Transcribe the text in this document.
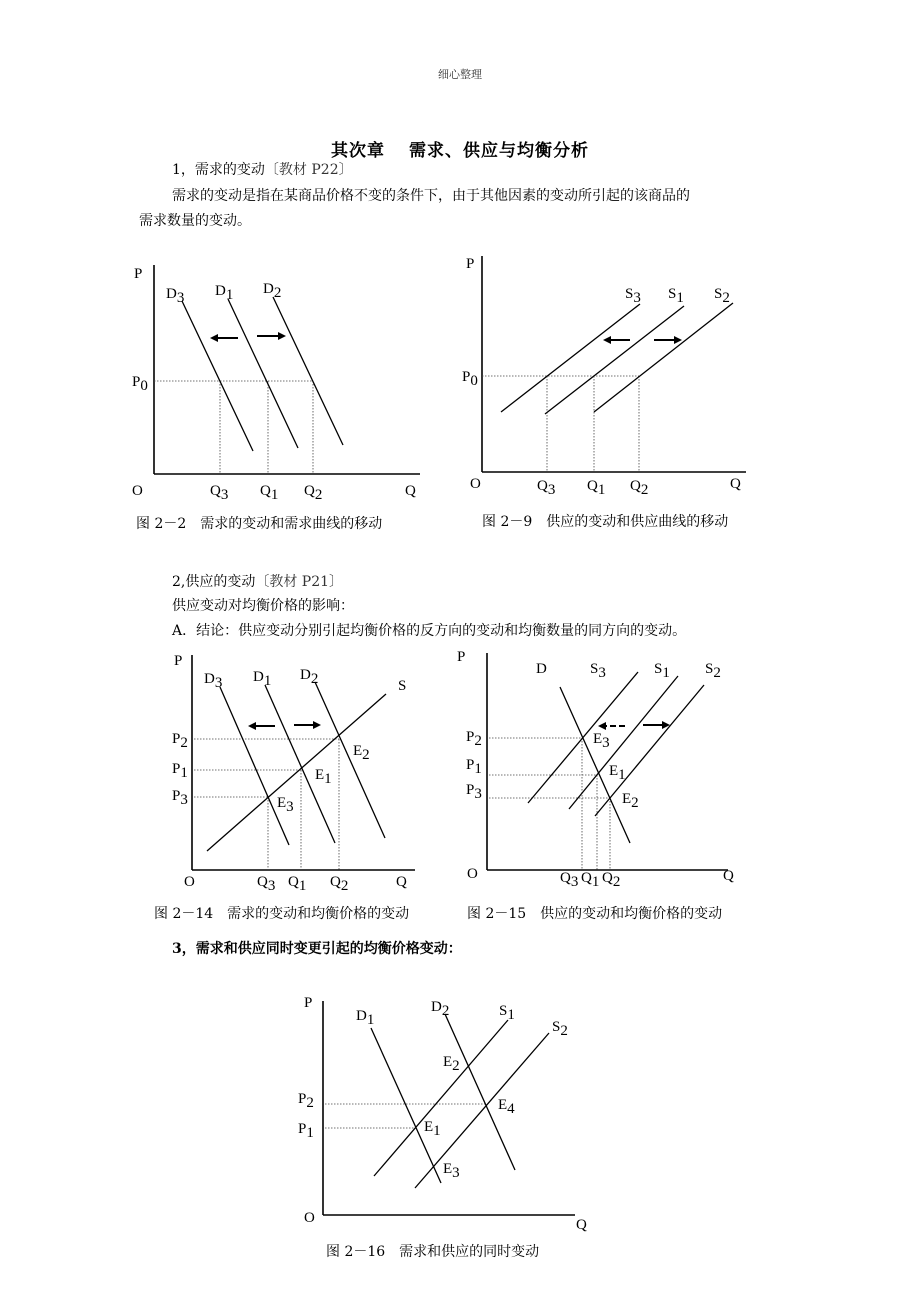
细心整理
其次章 需求、供应与均衡分析
1，需求的变动〔教材 P22〕
需求的变动是指在某商品价格不变的条件下，由于其他因素的变动所引起的该商品的
需求数量的变动。
P
D3 D1 D2
P0
O	Q3 Q1 Q2	Q
图 2－2　需求的变动和需求曲线的移动
P
S3 S1 S2
P0
O	Q3 Q1 Q2	Q
图 2－9　供应的变动和供应曲线的移动
2,供应的变动〔教材 P21〕
供应变动对均衡价格的影响：
A．结论：供应变动分别引起均衡价格的反方向的变动和均衡数量的同方向的变动。
P
D3 D1 D2	S
P2
P1
P3
E2
E1
E3
O	Q3 Q1 Q2	Q
图 2－14　需求的变动和均衡价格的变动
P
D	S3	S1 S2
P2
P1
P3
E3
E1
E2
O	Q3 Q1 Q2	Q
图 2－15　供应的变动和均衡价格的变动
3，需求和供应同时变更引起的均衡价格变动：
P
D1
D2	S1
S2
E2
E4
E1
E3
P2
P1
O	Q
图 2－16　需求和供应的同时变动
